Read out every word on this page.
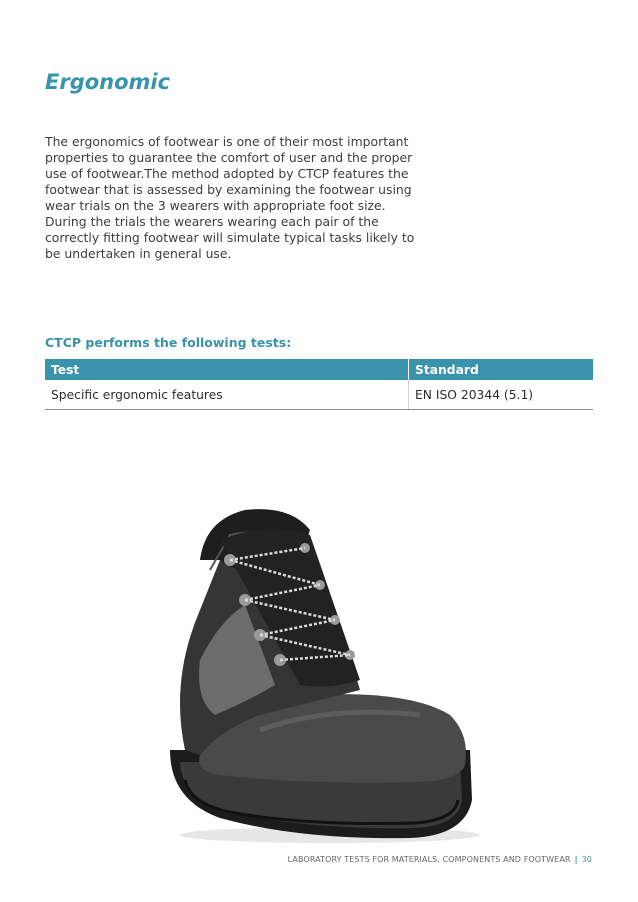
Ergonomic

The ergonomics of footwear is one of their most important properties to guarantee the comfort of user and the proper use of footwear.The method adopted by CTCP features the footwear that is assessed by examining the footwear using wear trials on the 3 wearers with appropriate foot size. During the trials the wearers wearing each pair of the correctly fitting footwear will simulate typical tasks likely to be undertaken in general use.

CTCP performs the following tests:
Test	Standard
Specific ergonomic features	EN ISO 20344 (5.1)
LABORATORY TESTS FOR MATERIALS, COMPONENTS AND FOOTWEAR | 30
